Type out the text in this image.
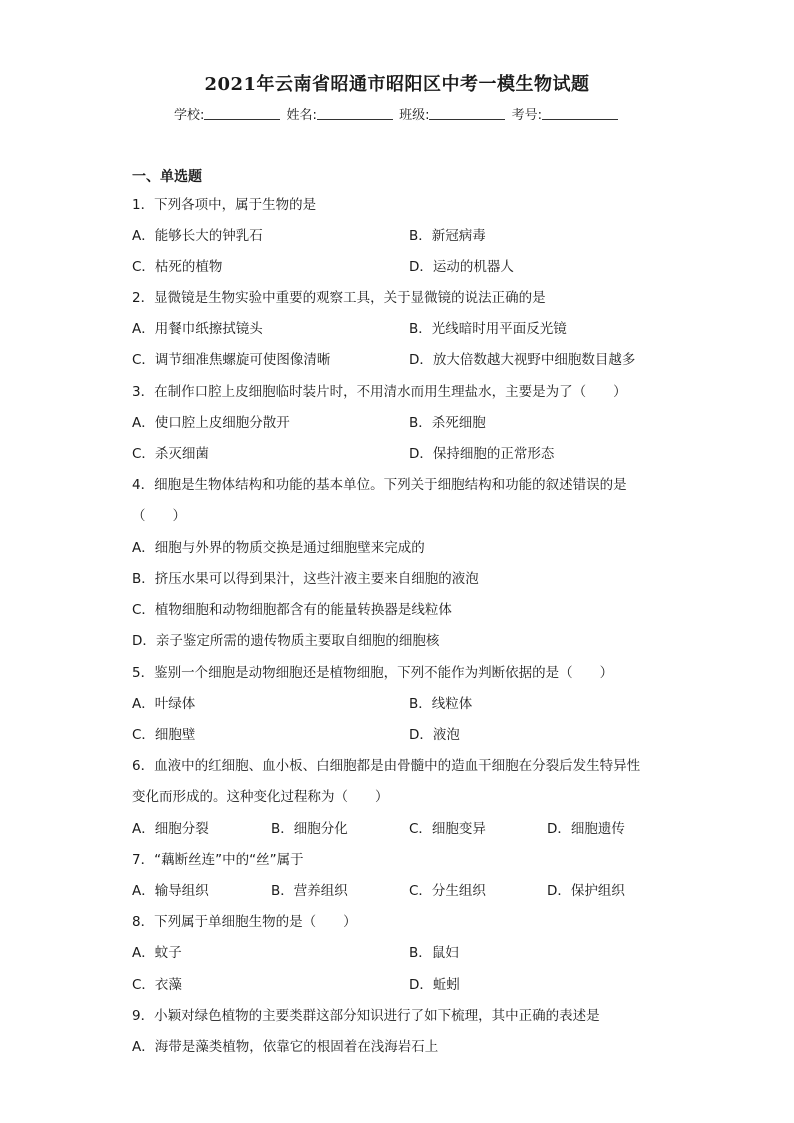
2021年云南省昭通市昭阳区中考一模生物试题
学校:	姓名:	班级:	考号:
一、单选题
1．下列各项中，属于生物的是
A．能够长大的钟乳石	B．新冠病毒
C．枯死的植物	D．运动的机器人
2．显微镜是生物实验中重要的观察工具，关于显微镜的说法正确的是
A．用餐巾纸擦拭镜头	B．光线暗时用平面反光镜
C．调节细准焦螺旋可使图像清晰	D．放大倍数越大视野中细胞数目越多
3．在制作口腔上皮细胞临时装片时，不用清水而用生理盐水，主要是为了（　　）
A．使口腔上皮细胞分散开	B．杀死细胞
C．杀灭细菌	D．保持细胞的正常形态
4．细胞是生物体结构和功能的基本单位。下列关于细胞结构和功能的叙述错误的是
（　　）
A．细胞与外界的物质交换是通过细胞壁来完成的
B．挤压水果可以得到果汁，这些汁液主要来自细胞的液泡
C．植物细胞和动物细胞都含有的能量转换器是线粒体
D．亲子鉴定所需的遗传物质主要取自细胞的细胞核
5．鉴别一个细胞是动物细胞还是植物细胞，下列不能作为判断依据的是（　　）
A．叶绿体	B．线粒体
C．细胞壁	D．液泡
6．血液中的红细胞、血小板、白细胞都是由骨髓中的造血干细胞在分裂后发生特异性
变化而形成的。这种变化过程称为（　　）
A．细胞分裂	B．细胞分化	C．细胞变异	D．细胞遗传
7．“藕断丝连”中的“丝”属于
A．输导组织	B．营养组织	C．分生组织	D．保护组织
8．下列属于单细胞生物的是（　　）
A．蚊子	B．鼠妇
C．衣藻	D．蚯蚓
9．小颖对绿色植物的主要类群这部分知识进行了如下梳理，其中正确的表述是
A．海带是藻类植物，依靠它的根固着在浅海岩石上
